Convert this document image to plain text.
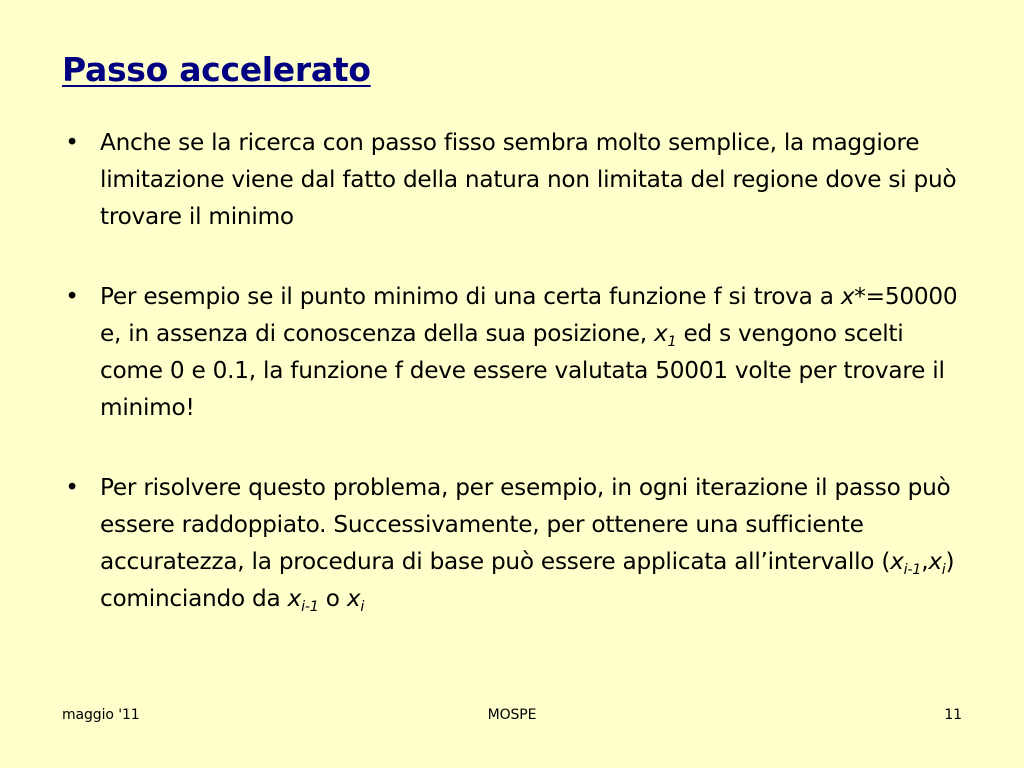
Passo accelerato
• Anche se la ricerca con passo fisso sembra molto semplice, la maggiore limitazione viene dal fatto della natura non limitata del regione dove si può trovare il minimo
• Per esempio se il punto minimo di una certa funzione f si trova a x*=50000 e, in assenza di conoscenza della sua posizione, $x_1$ ed s vengono scelti come 0 e 0.1, la funzione f deve essere valutata 50001 volte per trovare il minimo!
• Per risolvere questo problema, per esempio, in ogni iterazione il passo può essere raddoppiato. Successivamente, per ottenere una sufficiente accuratezza, la procedura di base può essere applicata all’intervallo $(x_{i-1},x_i)$ cominciando da $x_{i-1}$ o $x_i$
maggio '11	MOSPE	11
